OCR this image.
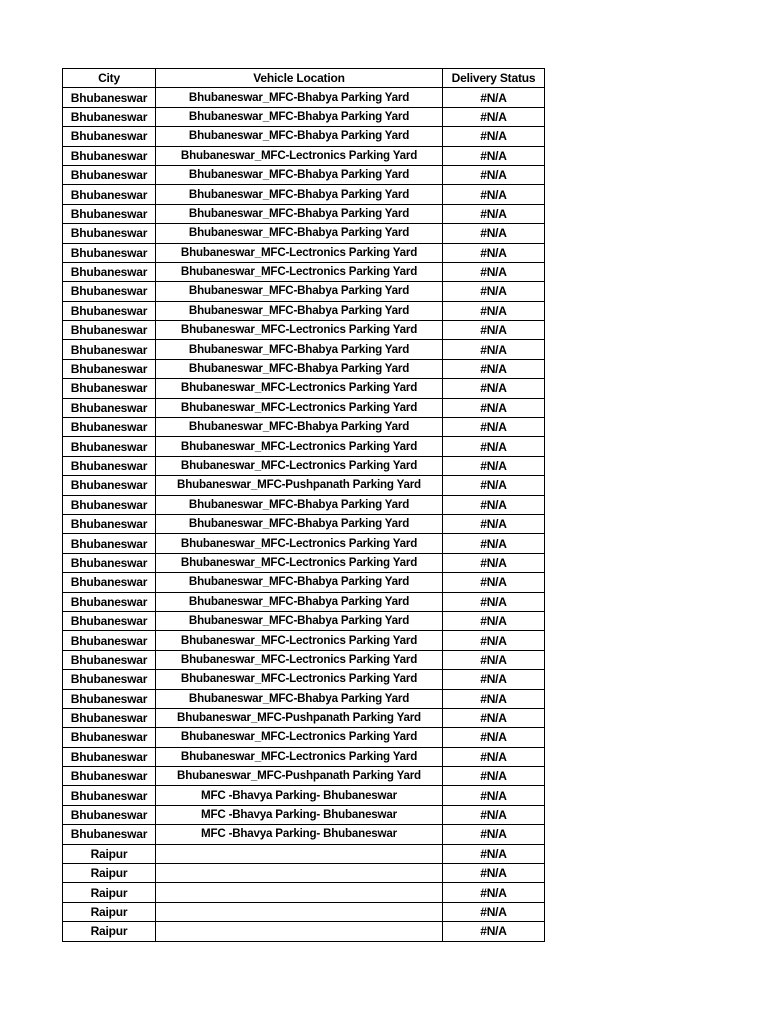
City	Vehicle Location	Delivery Status
Bhubaneswar	Bhubaneswar_MFC-Bhabya Parking Yard	#N/A
Bhubaneswar	Bhubaneswar_MFC-Bhabya Parking Yard	#N/A
Bhubaneswar	Bhubaneswar_MFC-Bhabya Parking Yard	#N/A
Bhubaneswar	Bhubaneswar_MFC-Lectronics Parking Yard	#N/A
Bhubaneswar	Bhubaneswar_MFC-Bhabya Parking Yard	#N/A
Bhubaneswar	Bhubaneswar_MFC-Bhabya Parking Yard	#N/A
Bhubaneswar	Bhubaneswar_MFC-Bhabya Parking Yard	#N/A
Bhubaneswar	Bhubaneswar_MFC-Bhabya Parking Yard	#N/A
Bhubaneswar	Bhubaneswar_MFC-Lectronics Parking Yard	#N/A
Bhubaneswar	Bhubaneswar_MFC-Lectronics Parking Yard	#N/A
Bhubaneswar	Bhubaneswar_MFC-Bhabya Parking Yard	#N/A
Bhubaneswar	Bhubaneswar_MFC-Bhabya Parking Yard	#N/A
Bhubaneswar	Bhubaneswar_MFC-Lectronics Parking Yard	#N/A
Bhubaneswar	Bhubaneswar_MFC-Bhabya Parking Yard	#N/A
Bhubaneswar	Bhubaneswar_MFC-Bhabya Parking Yard	#N/A
Bhubaneswar	Bhubaneswar_MFC-Lectronics Parking Yard	#N/A
Bhubaneswar	Bhubaneswar_MFC-Lectronics Parking Yard	#N/A
Bhubaneswar	Bhubaneswar_MFC-Bhabya Parking Yard	#N/A
Bhubaneswar	Bhubaneswar_MFC-Lectronics Parking Yard	#N/A
Bhubaneswar	Bhubaneswar_MFC-Lectronics Parking Yard	#N/A
Bhubaneswar	Bhubaneswar_MFC-Pushpanath Parking Yard	#N/A
Bhubaneswar	Bhubaneswar_MFC-Bhabya Parking Yard	#N/A
Bhubaneswar	Bhubaneswar_MFC-Bhabya Parking Yard	#N/A
Bhubaneswar	Bhubaneswar_MFC-Lectronics Parking Yard	#N/A
Bhubaneswar	Bhubaneswar_MFC-Lectronics Parking Yard	#N/A
Bhubaneswar	Bhubaneswar_MFC-Bhabya Parking Yard	#N/A
Bhubaneswar	Bhubaneswar_MFC-Bhabya Parking Yard	#N/A
Bhubaneswar	Bhubaneswar_MFC-Bhabya Parking Yard	#N/A
Bhubaneswar	Bhubaneswar_MFC-Lectronics Parking Yard	#N/A
Bhubaneswar	Bhubaneswar_MFC-Lectronics Parking Yard	#N/A
Bhubaneswar	Bhubaneswar_MFC-Lectronics Parking Yard	#N/A
Bhubaneswar	Bhubaneswar_MFC-Bhabya Parking Yard	#N/A
Bhubaneswar	Bhubaneswar_MFC-Pushpanath Parking Yard	#N/A
Bhubaneswar	Bhubaneswar_MFC-Lectronics Parking Yard	#N/A
Bhubaneswar	Bhubaneswar_MFC-Lectronics Parking Yard	#N/A
Bhubaneswar	Bhubaneswar_MFC-Pushpanath Parking Yard	#N/A
Bhubaneswar	MFC -Bhavya Parking- Bhubaneswar	#N/A
Bhubaneswar	MFC -Bhavya Parking- Bhubaneswar	#N/A
Bhubaneswar	MFC -Bhavya Parking- Bhubaneswar	#N/A
Raipur		#N/A
Raipur		#N/A
Raipur		#N/A
Raipur		#N/A
Raipur		#N/A
